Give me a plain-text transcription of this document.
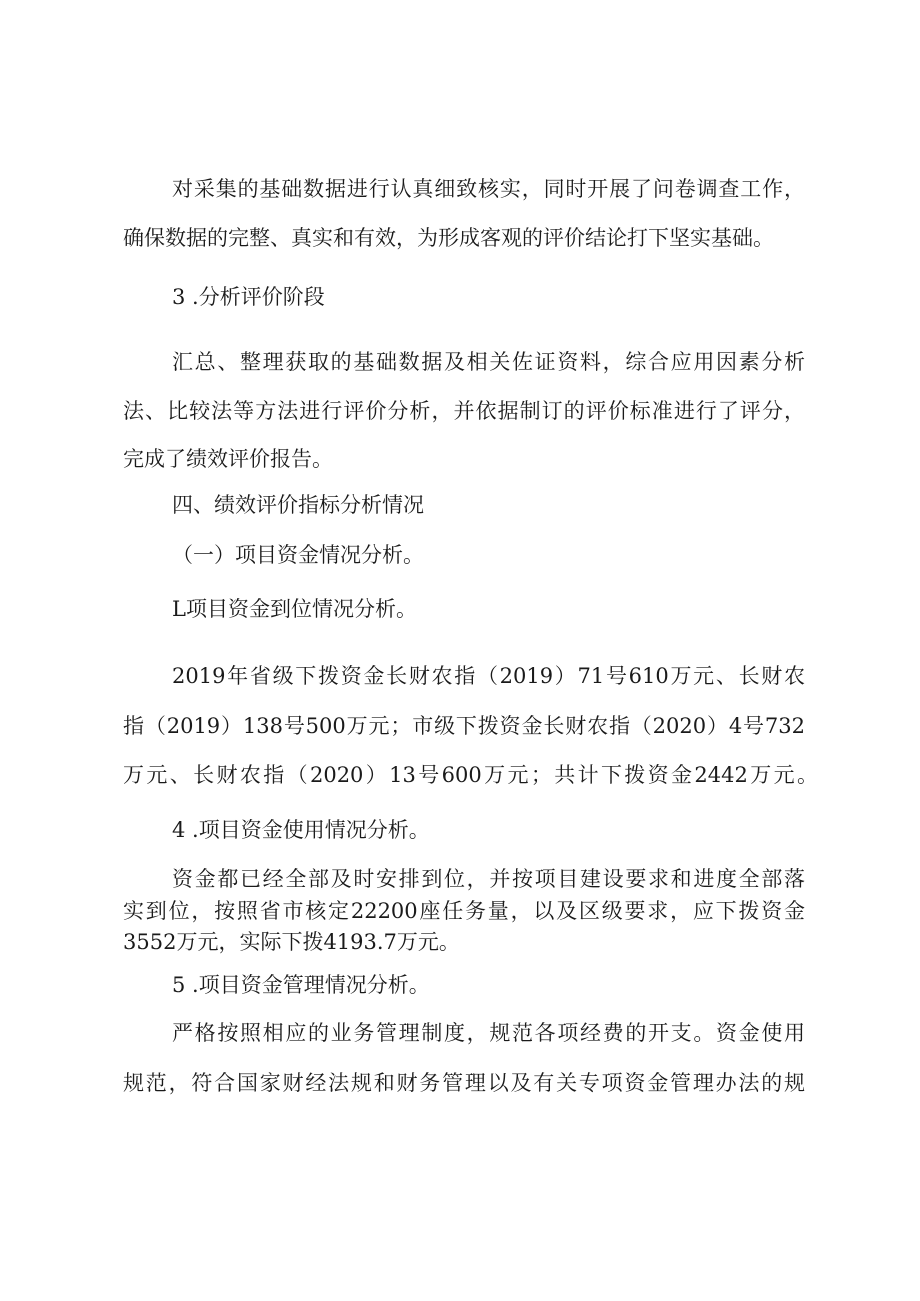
对采集的基础数据进行认真细致核实，同时开展了问卷调查工作，
确保数据的完整、真实和有效，为形成客观的评价结论打下坚实基础。
3 .分析评价阶段
汇总、整理获取的基础数据及相关佐证资料，综合应用因素分析
法、比较法等方法进行评价分析，并依据制订的评价标准进行了评分，
完成了绩效评价报告。
四、绩效评价指标分析情况
（一）项目资金情况分析。
L项目资金到位情况分析。
2019年省级下拨资金长财农指（2019）71号610万元、长财农
指（2019）138号500万元；市级下拨资金长财农指（2020）4号732
万元、长财农指（2020）13号600万元；共计下拨资金2442万元。
4 .项目资金使用情况分析。
资金都已经全部及时安排到位，并按项目建设要求和进度全部落
实到位，按照省市核定22200座任务量，以及区级要求，应下拨资金
3552万元，实际下拨4193.7万元。
5 .项目资金管理情况分析。
严格按照相应的业务管理制度，规范各项经费的开支。资金使用
规范，符合国家财经法规和财务管理以及有关专项资金管理办法的规
